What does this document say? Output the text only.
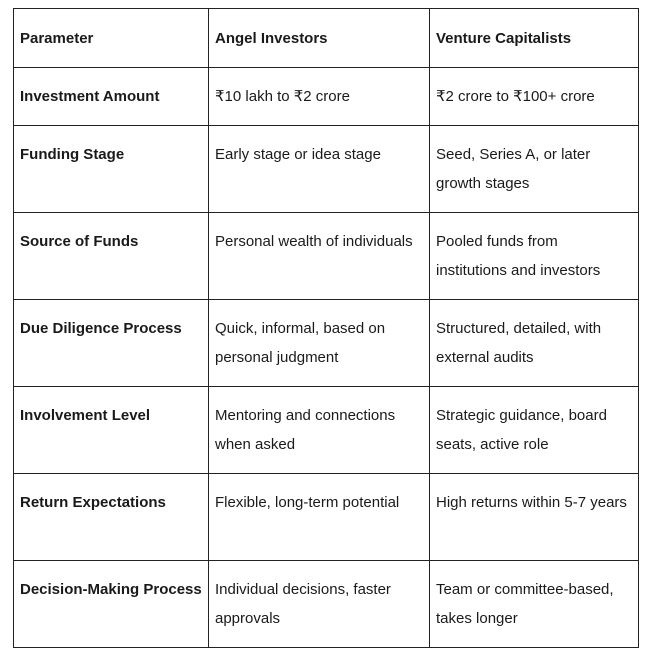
Parameter	Angel Investors	Venture Capitalists
Investment Amount	₹10 lakh to ₹2 crore	₹2 crore to ₹100+ crore
Funding Stage	Early stage or idea stage	Seed, Series A, or later growth stages
Source of Funds	Personal wealth of individuals	Pooled funds from institutions and investors
Due Diligence Process	Quick, informal, based on personal judgment	Structured, detailed, with external audits
Involvement Level	Mentoring and connections when asked	Strategic guidance, board seats, active role
Return Expectations	Flexible, long-term potential	High returns within 5-7 years
Decision-Making Process	Individual decisions, faster approvals	Team or committee-based, takes longer
